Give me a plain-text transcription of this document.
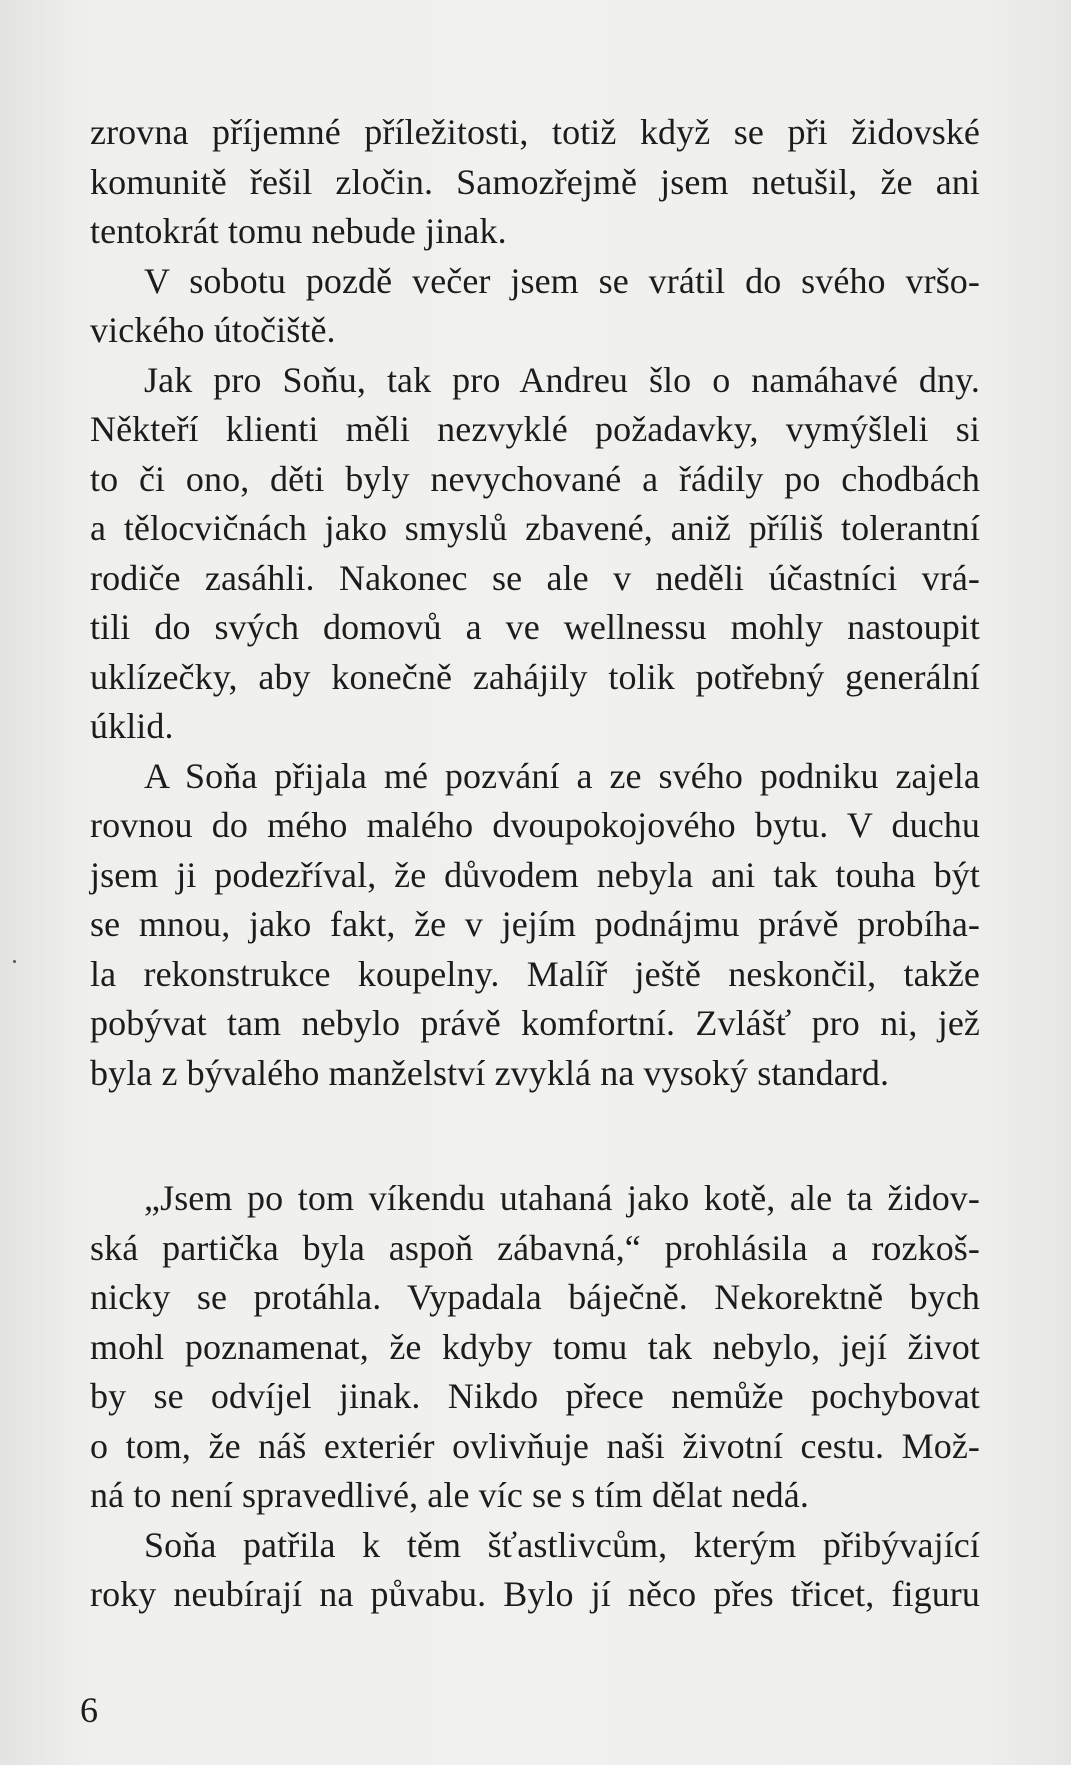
zrovna příjemné příležitosti, totiž když se při židovské
komunitě řešil zločin. Samozřejmě jsem netušil, že ani
tentokrát tomu nebude jinak.
V sobotu pozdě večer jsem se vrátil do svého vršo-
vického útočiště.
Jak pro Soňu, tak pro Andreu šlo o namáhavé dny.
Někteří klienti měli nezvyklé požadavky, vymýšleli si
to či ono, děti byly nevychované a řádily po chodbách
a tělocvičnách jako smyslů zbavené, aniž příliš tolerantní
rodiče zasáhli. Nakonec se ale v neděli účastníci vrá-
tili do svých domovů a ve wellnessu mohly nastoupit
uklízečky, aby konečně zahájily tolik potřebný generální
úklid.
A Soňa přijala mé pozvání a ze svého podniku zajela
rovnou do mého malého dvoupokojového bytu. V duchu
jsem ji podezříval, že důvodem nebyla ani tak touha být
se mnou, jako fakt, že v jejím podnájmu právě probíha-
la rekonstrukce koupelny. Malíř ještě neskončil, takže
pobývat tam nebylo právě komfortní. Zvlášť pro ni, jež
byla z bývalého manželství zvyklá na vysoký standard.
„Jsem po tom víkendu utahaná jako kotě, ale ta židov-
ská partička byla aspoň zábavná,“ prohlásila a rozkoš-
nicky se protáhla. Vypadala báječně. Nekorektně bych
mohl poznamenat, že kdyby tomu tak nebylo, její život
by se odvíjel jinak. Nikdo přece nemůže pochybovat
o tom, že náš exteriér ovlivňuje naši životní cestu. Mož-
ná to není spravedlivé, ale víc se s tím dělat nedá.
Soňa patřila k těm šťastlivcům, kterým přibývající
roky neubírají na půvabu. Bylo jí něco přes třicet, figuru
6
